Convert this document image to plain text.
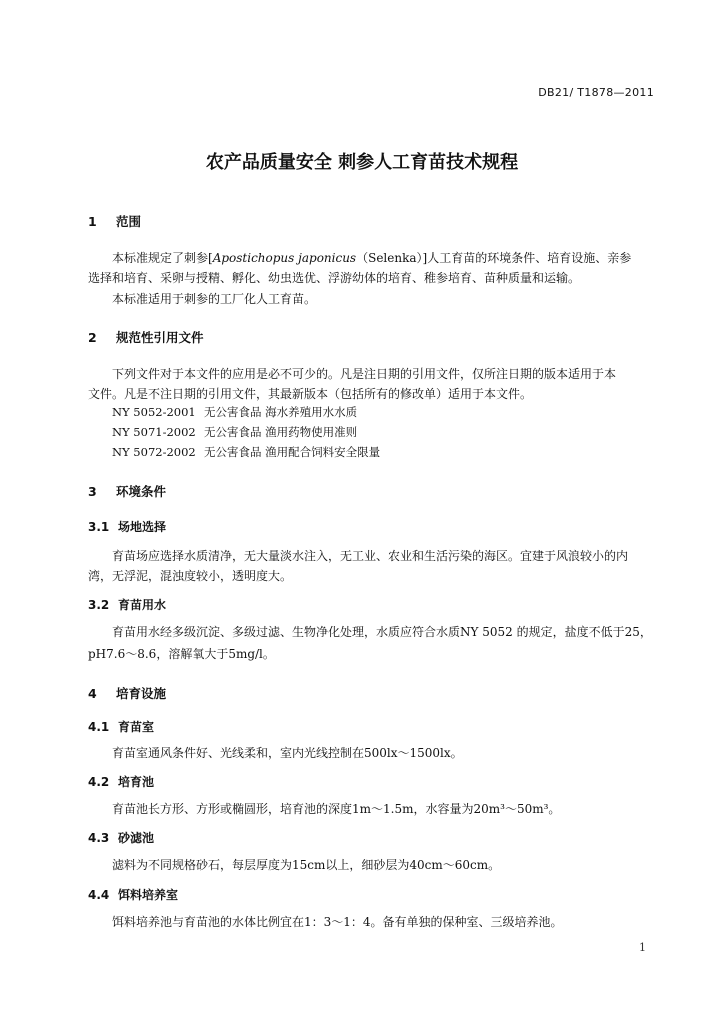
DB21/ T1878—2011
农产品质量安全 刺参人工育苗技术规程
1 范围
本标准规定了刺参[Apostichopus japonicus（Selenka）]人工育苗的环境条件、培育设施、亲参
选择和培育、采卵与授精、孵化、幼虫选优、浮游幼体的培育、稚参培育、苗种质量和运输。
本标准适用于刺参的工厂化人工育苗。
2 规范性引用文件
下列文件对于本文件的应用是必不可少的。凡是注日期的引用文件，仅所注日期的版本适用于本
文件。凡是不注日期的引用文件，其最新版本（包括所有的修改单）适用于本文件。
NY 5052-2001 无公害食品 海水养殖用水水质
NY 5071-2002 无公害食品 渔用药物使用准则
NY 5072-2002 无公害食品 渔用配合饲料安全限量
3 环境条件
3.1 场地选择
育苗场应选择水质清净，无大量淡水注入，无工业、农业和生活污染的海区。宜建于风浪较小的内
湾，无浮泥，混浊度较小，透明度大。
3.2 育苗用水
育苗用水经多级沉淀、多级过滤、生物净化处理，水质应符合水质NY 5052 的规定，盐度不低于25，
pH7.6～8.6，溶解氧大于5mg/l。
4 培育设施
4.1 育苗室
育苗室通风条件好、光线柔和，室内光线控制在500lx～1500lx。
4.2 培育池
育苗池长方形、方形或椭圆形，培育池的深度1m～1.5m，水容量为20m³～50m³。
4.3 砂滤池
滤料为不同规格砂石，每层厚度为15cm以上，细砂层为40cm～60cm。
4.4 饵料培养室
饵料培养池与育苗池的水体比例宜在1：3～1：4。备有单独的保种室、三级培养池。
1
